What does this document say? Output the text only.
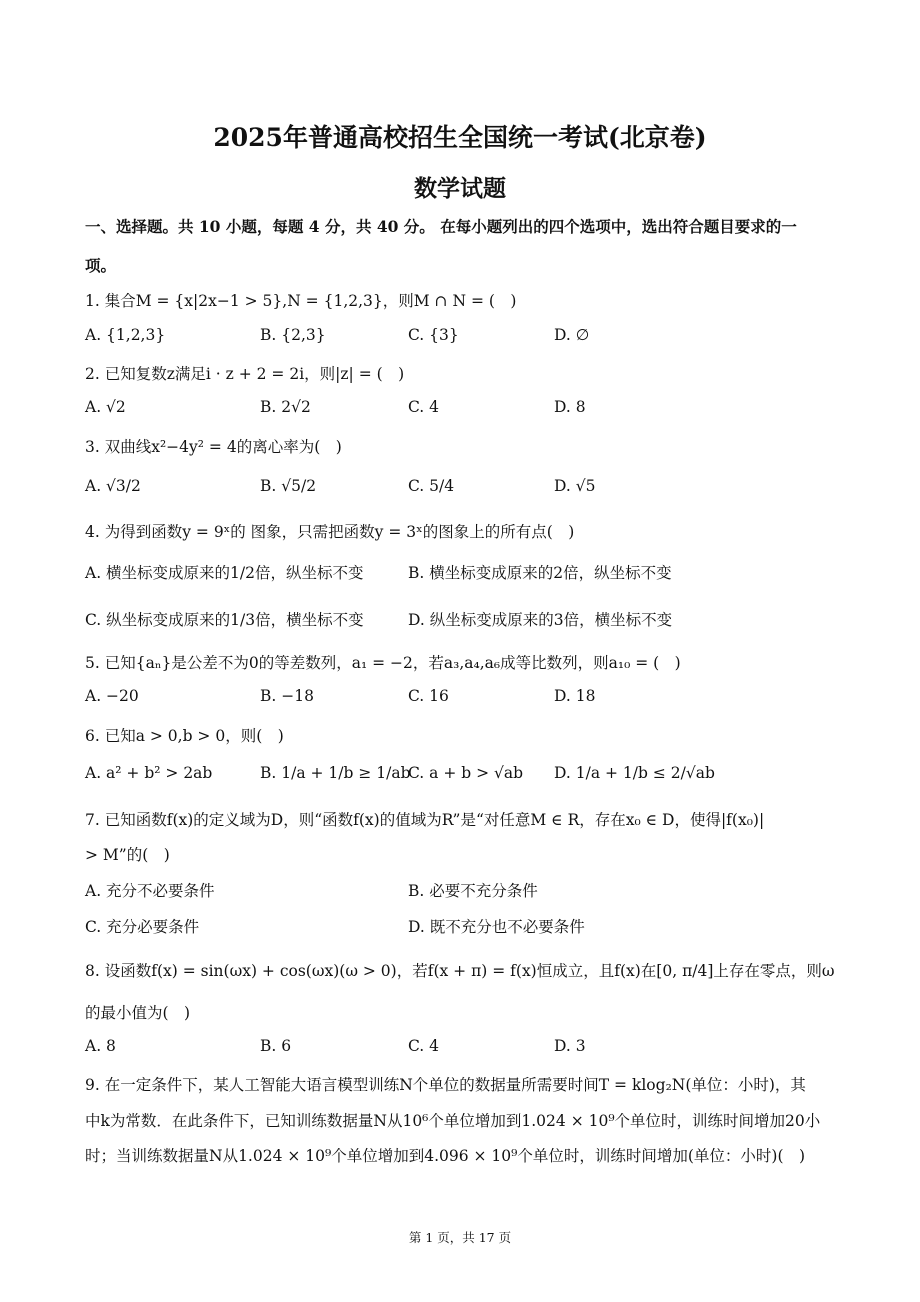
2025年普通高校招生全国统一考试(北京卷)
数学试题
一、选择题。共 10 小题，每题 4 分，共 40 分。 在每小题列出的四个选项中，选出符合题目要求的一
项。
1. 集合M = {x|2x−1 > 5},N = {1,2,3}，则M ∩ N = (　)
A. {1,2,3}	B. {2,3}	C. {3}	D. ∅
2. 已知复数z满足i · z + 2 = 2i，则|z| = (　)
A. √2	B. 2√2	C. 4	D. 8
3. 双曲线x²−4y² = 4的离心率为(　)
A. √3/2	B. √5/2	C. 5/4	D. √5
4. 为得到函数y = 9ˣ的 图象，只需把函数y = 3ˣ的图象上的所有点(　)
A. 横坐标变成原来的1/2倍，纵坐标不变	B. 横坐标变成原来的2倍，纵坐标不变
C. 纵坐标变成原来的1/3倍，横坐标不变	D. 纵坐标变成原来的3倍，横坐标不变
5. 已知{aₙ}是公差不为0的等差数列，a₁ = −2，若a₃,a₄,a₆成等比数列，则a₁₀ = (　)
A. −20	B. −18	C. 16	D. 18
6. 已知a > 0,b > 0，则(　)
A. a² + b² > 2ab	B. 1/a + 1/b ≥ 1/ab
C. a + b > √ab D. 1/a + 1/b ≤ 2/√ab
7. 已知函数f(x)的定义域为D，则“函数f(x)的值域为R”是“对任意M ∈ R，存在x₀ ∈ D，使得|f(x₀)|
> M”的(　)
A. 充分不必要条件	B. 必要不充分条件
C. 充分必要条件	D. 既不充分也不必要条件
8. 设函数f(x) = sin(ωx) + cos(ωx)(ω > 0)，若f(x + π) = f(x)恒成立，且f(x)在[0, π/4]上存在零点，则ω
的最小值为(　)
A. 8	B. 6	C. 4	D. 3
9. 在一定条件下，某人工智能大语言模型训练N个单位的数据量所需要时间T = klog₂N(单位：小时)，其
中k为常数．在此条件下，已知训练数据量N从10⁶个单位增加到1.024 × 10⁹个单位时，训练时间增加20小
时；当训练数据量N从1.024 × 10⁹个单位增加到4.096 × 10⁹个单位时，训练时间增加(单位：小时)(　)
第 1 页，共 17 页
